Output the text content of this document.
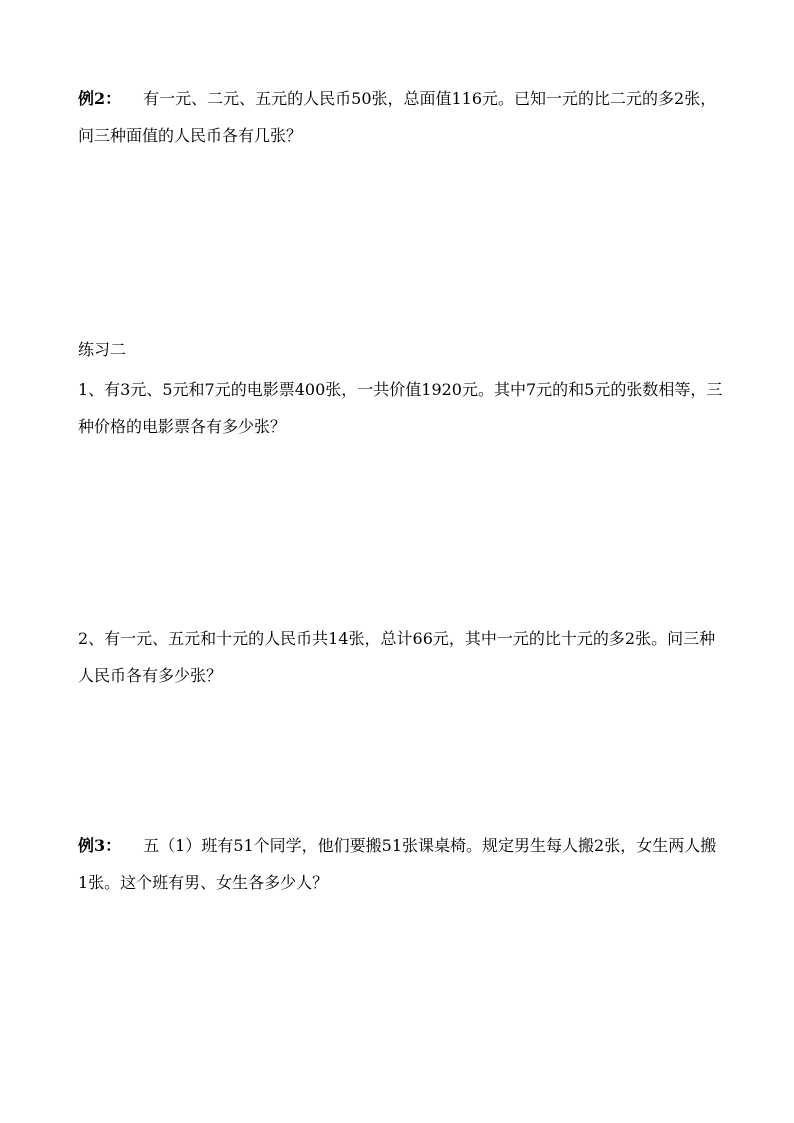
例2： 有一元、二元、五元的人民币50张，总面值116元。已知一元的比二元的多2张，问三种面值的人民币各有几张？

练习二

1、有3元、5元和7元的电影票400张，一共价值1920元。其中7元的和5元的张数相等，三种价格的电影票各有多少张？

2、有一元、五元和十元的人民币共14张，总计66元，其中一元的比十元的多2张。问三种人民币各有多少张？

例3： 五（1）班有51个同学，他们要搬51张课桌椅。规定男生每人搬2张，女生两人搬1张。这个班有男、女生各多少人？
